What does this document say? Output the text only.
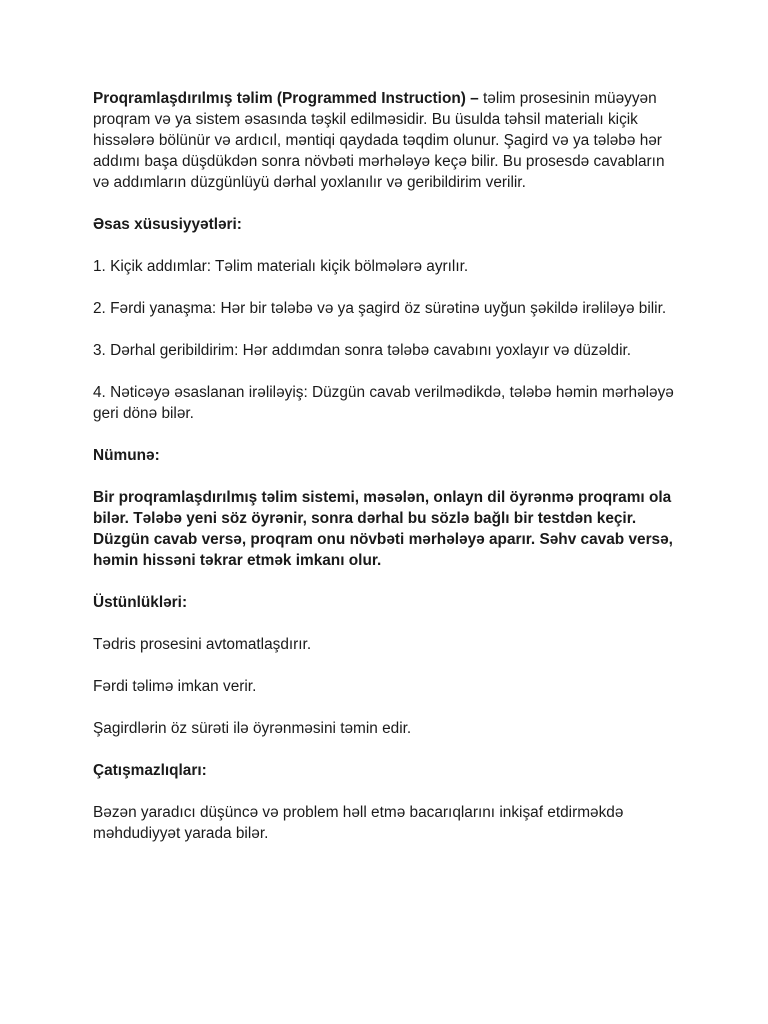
Proqramlaşdırılmış təlim (Programmed Instruction) – təlim prosesinin müəyyən proqram və ya sistem əsasında təşkil edilməsidir. Bu üsulda təhsil materialı kiçik hissələrə bölünür və ardıcıl, məntiqi qaydada təqdim olunur. Şagird və ya tələbə hər addımı başa düşdükdən sonra növbəti mərhələyə keçə bilir. Bu prosesdə cavabların və addımların düzgünlüyü dərhal yoxlanılır və geribildirim verilir.

Əsas xüsusiyyətləri:

1. Kiçik addımlar: Təlim materialı kiçik bölmələrə ayrılır.

2. Fərdi yanaşma: Hər bir tələbə və ya şagird öz sürətinə uyğun şəkildə irəliləyə bilir.

3. Dərhal geribildirim: Hər addımdan sonra tələbə cavabını yoxlayır və düzəldir.

4. Nəticəyə əsaslanan irəliləyiş: Düzgün cavab verilmədikdə, tələbə həmin mərhələyə geri dönə bilər.

Nümunə:

Bir proqramlaşdırılmış təlim sistemi, məsələn, onlayn dil öyrənmə proqramı ola bilər. Tələbə yeni söz öyrənir, sonra dərhal bu sözlə bağlı bir testdən keçir. Düzgün cavab versə, proqram onu növbəti mərhələyə aparır. Səhv cavab versə, həmin hissəni təkrar etmək imkanı olur.

Üstünlükləri:

Tədris prosesini avtomatlaşdırır.

Fərdi təlimə imkan verir.

Şagirdlərin öz sürəti ilə öyrənməsini təmin edir.

Çatışmazlıqları:

Bəzən yaradıcı düşüncə və problem həll etmə bacarıqlarını inkişaf etdirməkdə məhdudiyyət yarada bilər.
